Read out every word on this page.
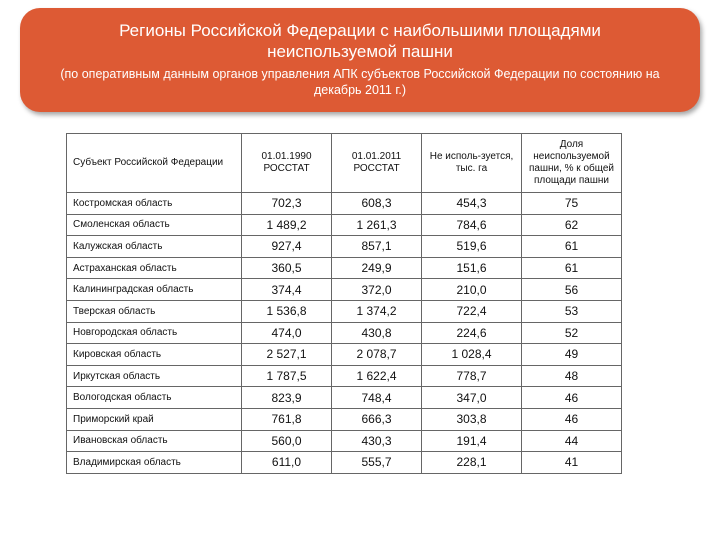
Регионы Российской Федерации с наибольшими площадями неиспользуемой пашни
(по оперативным данным органов управления АПК субъектов Российской Федерации по состоянию на декабрь 2011 г.)
Субъект Российской Федерации	01.01.1990 РОССТАТ	01.01.2011 РОССТАТ	Не исполь-зуется, тыс. га	Доля неиспользуемой пашни, % к общей площади пашни
Костромская область	702,3	608,3	454,3	75
Смоленская область	1 489,2	1 261,3	784,6	62
Калужская область	927,4	857,1	519,6	61
Астраханская область	360,5	249,9	151,6	61
Калининградская область	374,4	372,0	210,0	56
Тверская область	1 536,8	1 374,2	722,4	53
Новгородская область	474,0	430,8	224,6	52
Кировская область	2 527,1	2 078,7	1 028,4	49
Иркутская область	1 787,5	1 622,4	778,7	48
Вологодская область	823,9	748,4	347,0	46
Приморский край	761,8	666,3	303,8	46
Ивановская область	560,0	430,3	191,4	44
Владимирская область	611,0	555,7	228,1	41
